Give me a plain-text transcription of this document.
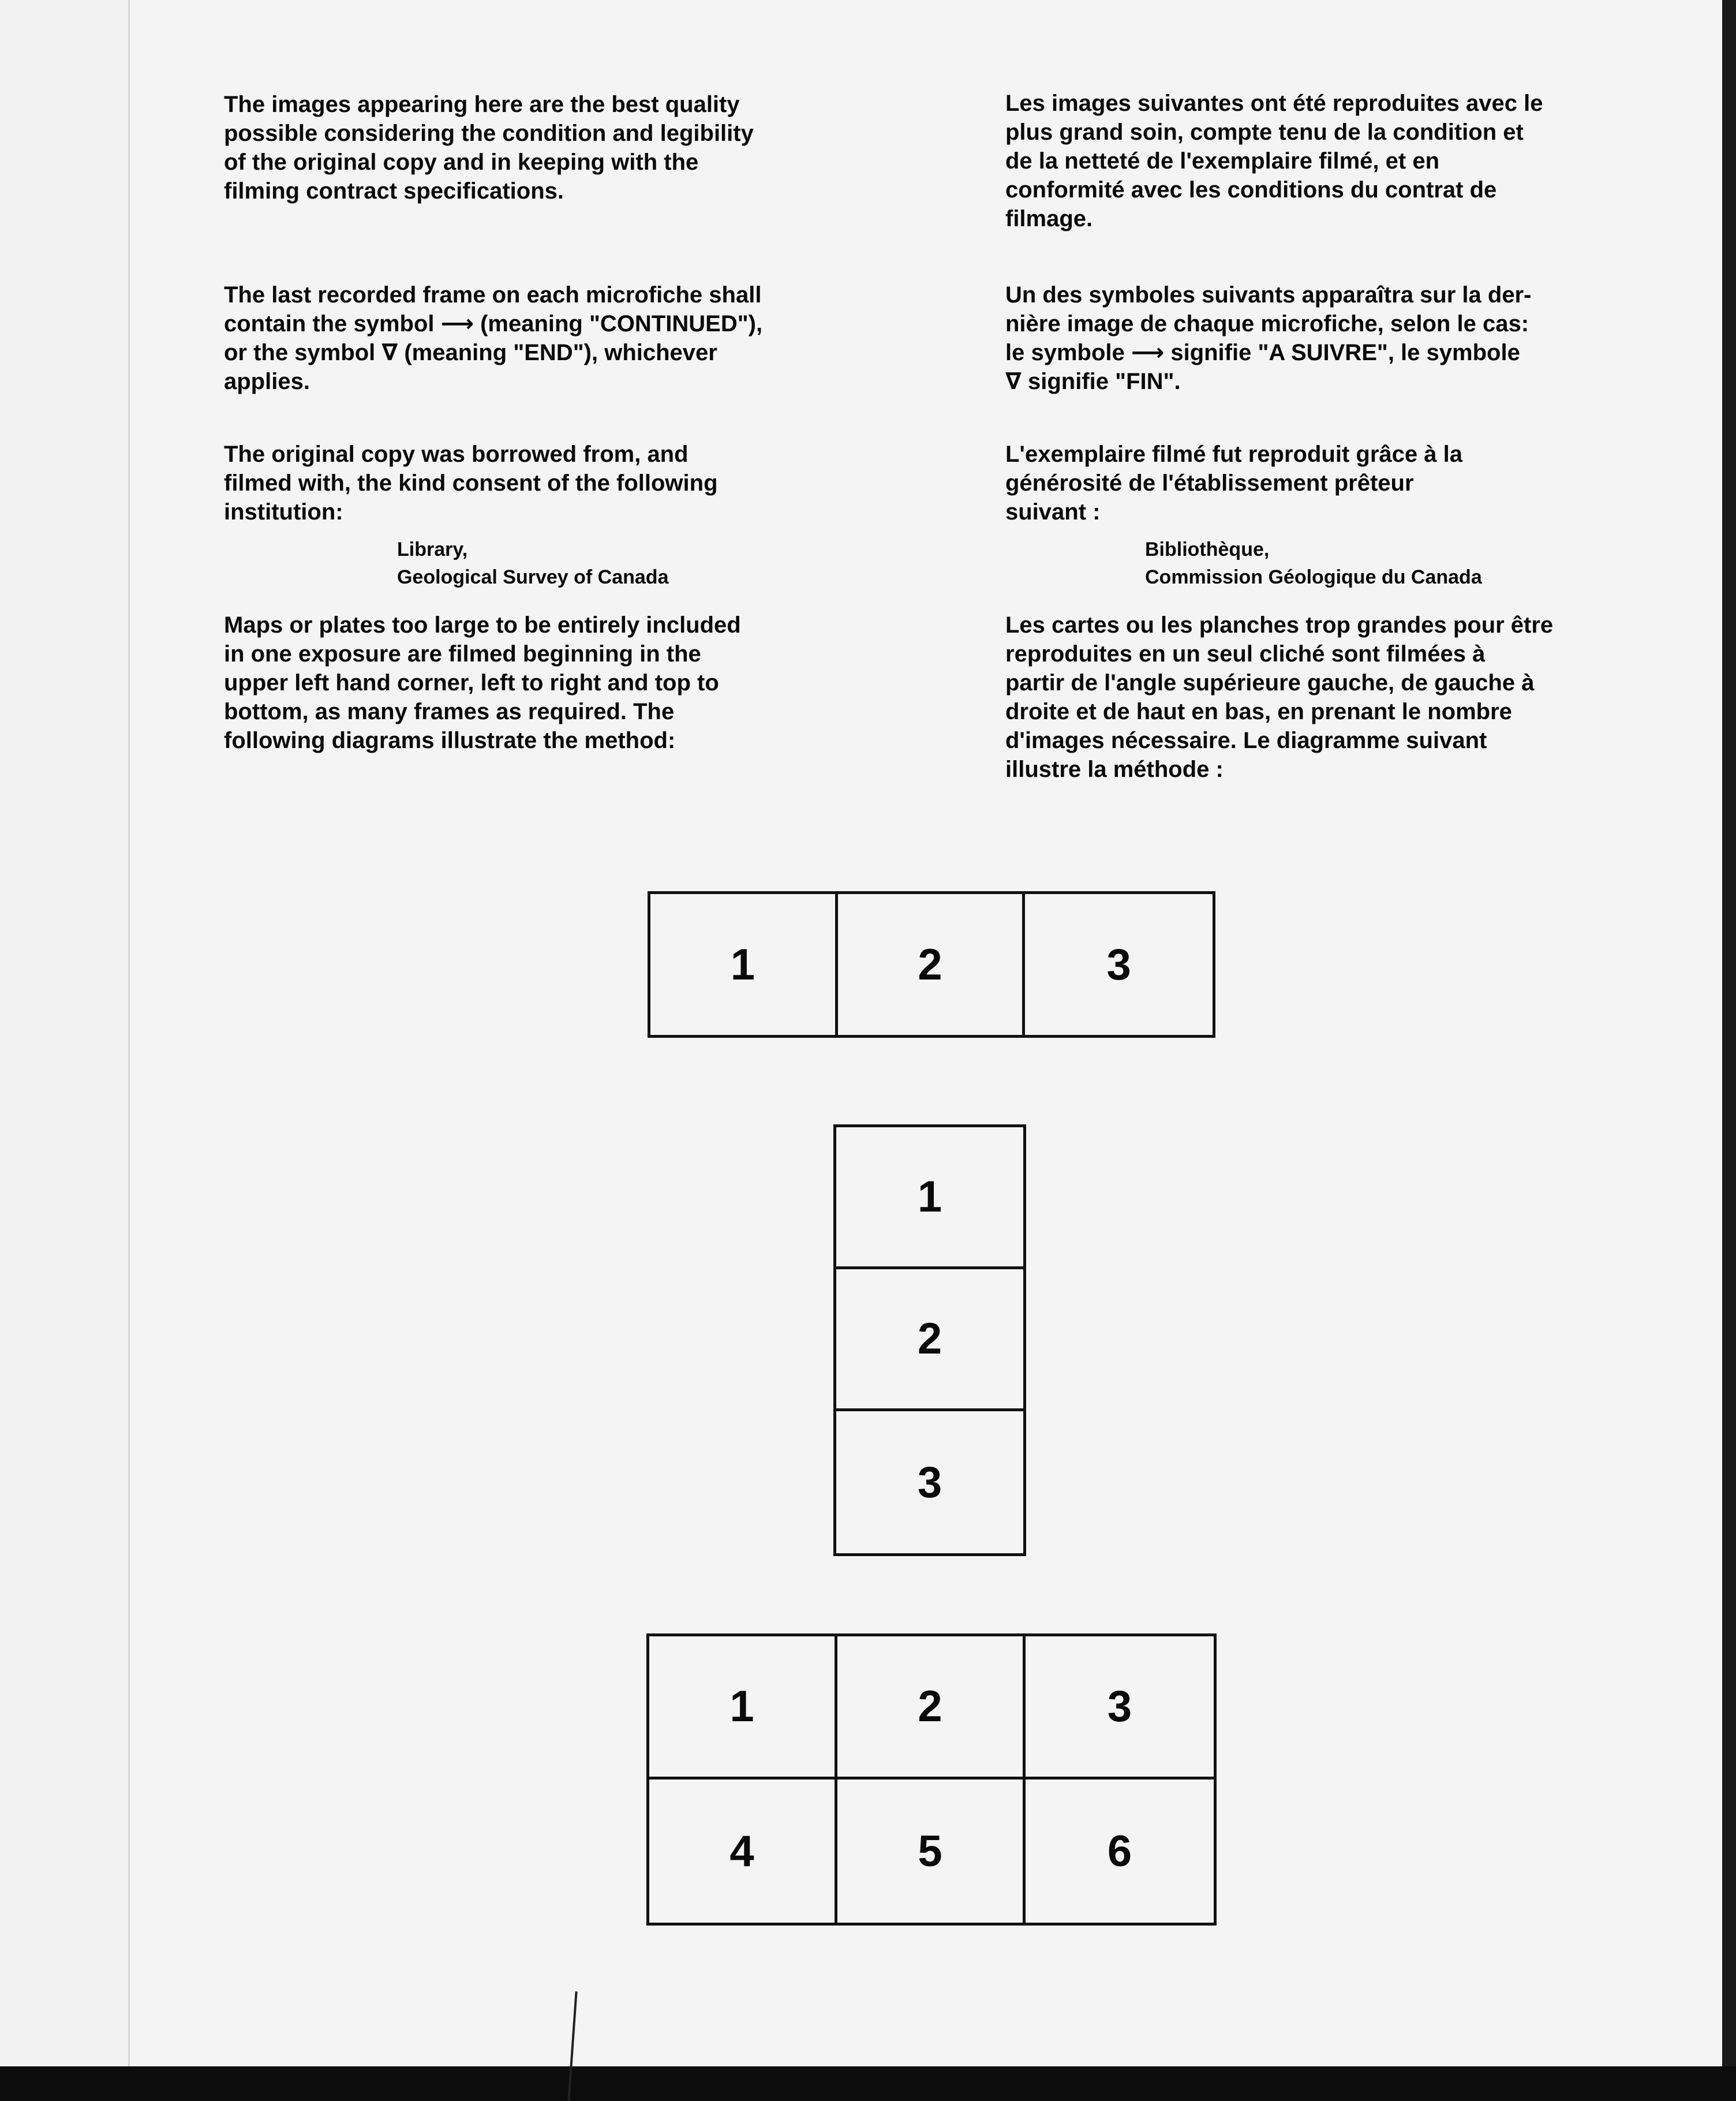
The images appearing here are the best quality
possible considering the condition and legibility
of the original copy and in keeping with the
filming contract specifications.

The last recorded frame on each microfiche shall
contain the symbol ⟶ (meaning "CONTINUED"),
or the symbol ∇ (meaning "END"), whichever
applies.

The original copy was borrowed from, and
filmed with, the kind consent of the following
institution:

Library,
Geological Survey of Canada

Maps or plates too large to be entirely included
in one exposure are filmed beginning in the
upper left hand corner, left to right and top to
bottom, as many frames as required. The
following diagrams illustrate the method:

Les images suivantes ont été reproduites avec le
plus grand soin, compte tenu de la condition et
de la netteté de l'exemplaire filmé, et en
conformité avec les conditions du contrat de
filmage.

Un des symboles suivants apparaîtra sur la der-
nière image de chaque microfiche, selon le cas:
le symbole ⟶ signifie "A SUIVRE", le symbole
∇ signifie "FIN".

L'exemplaire filmé fut reproduit grâce à la
générosité de l'établissement prêteur
suivant :

Bibliothèque,
Commission Géologique du Canada

Les cartes ou les planches trop grandes pour être
reproduites en un seul cliché sont filmées à
partir de l'angle supérieure gauche, de gauche à
droite et de haut en bas, en prenant le nombre
d'images nécessaire. Le diagramme suivant
illustre la méthode :

1	2	3
1
2
3
1	2	3
4	5	6
